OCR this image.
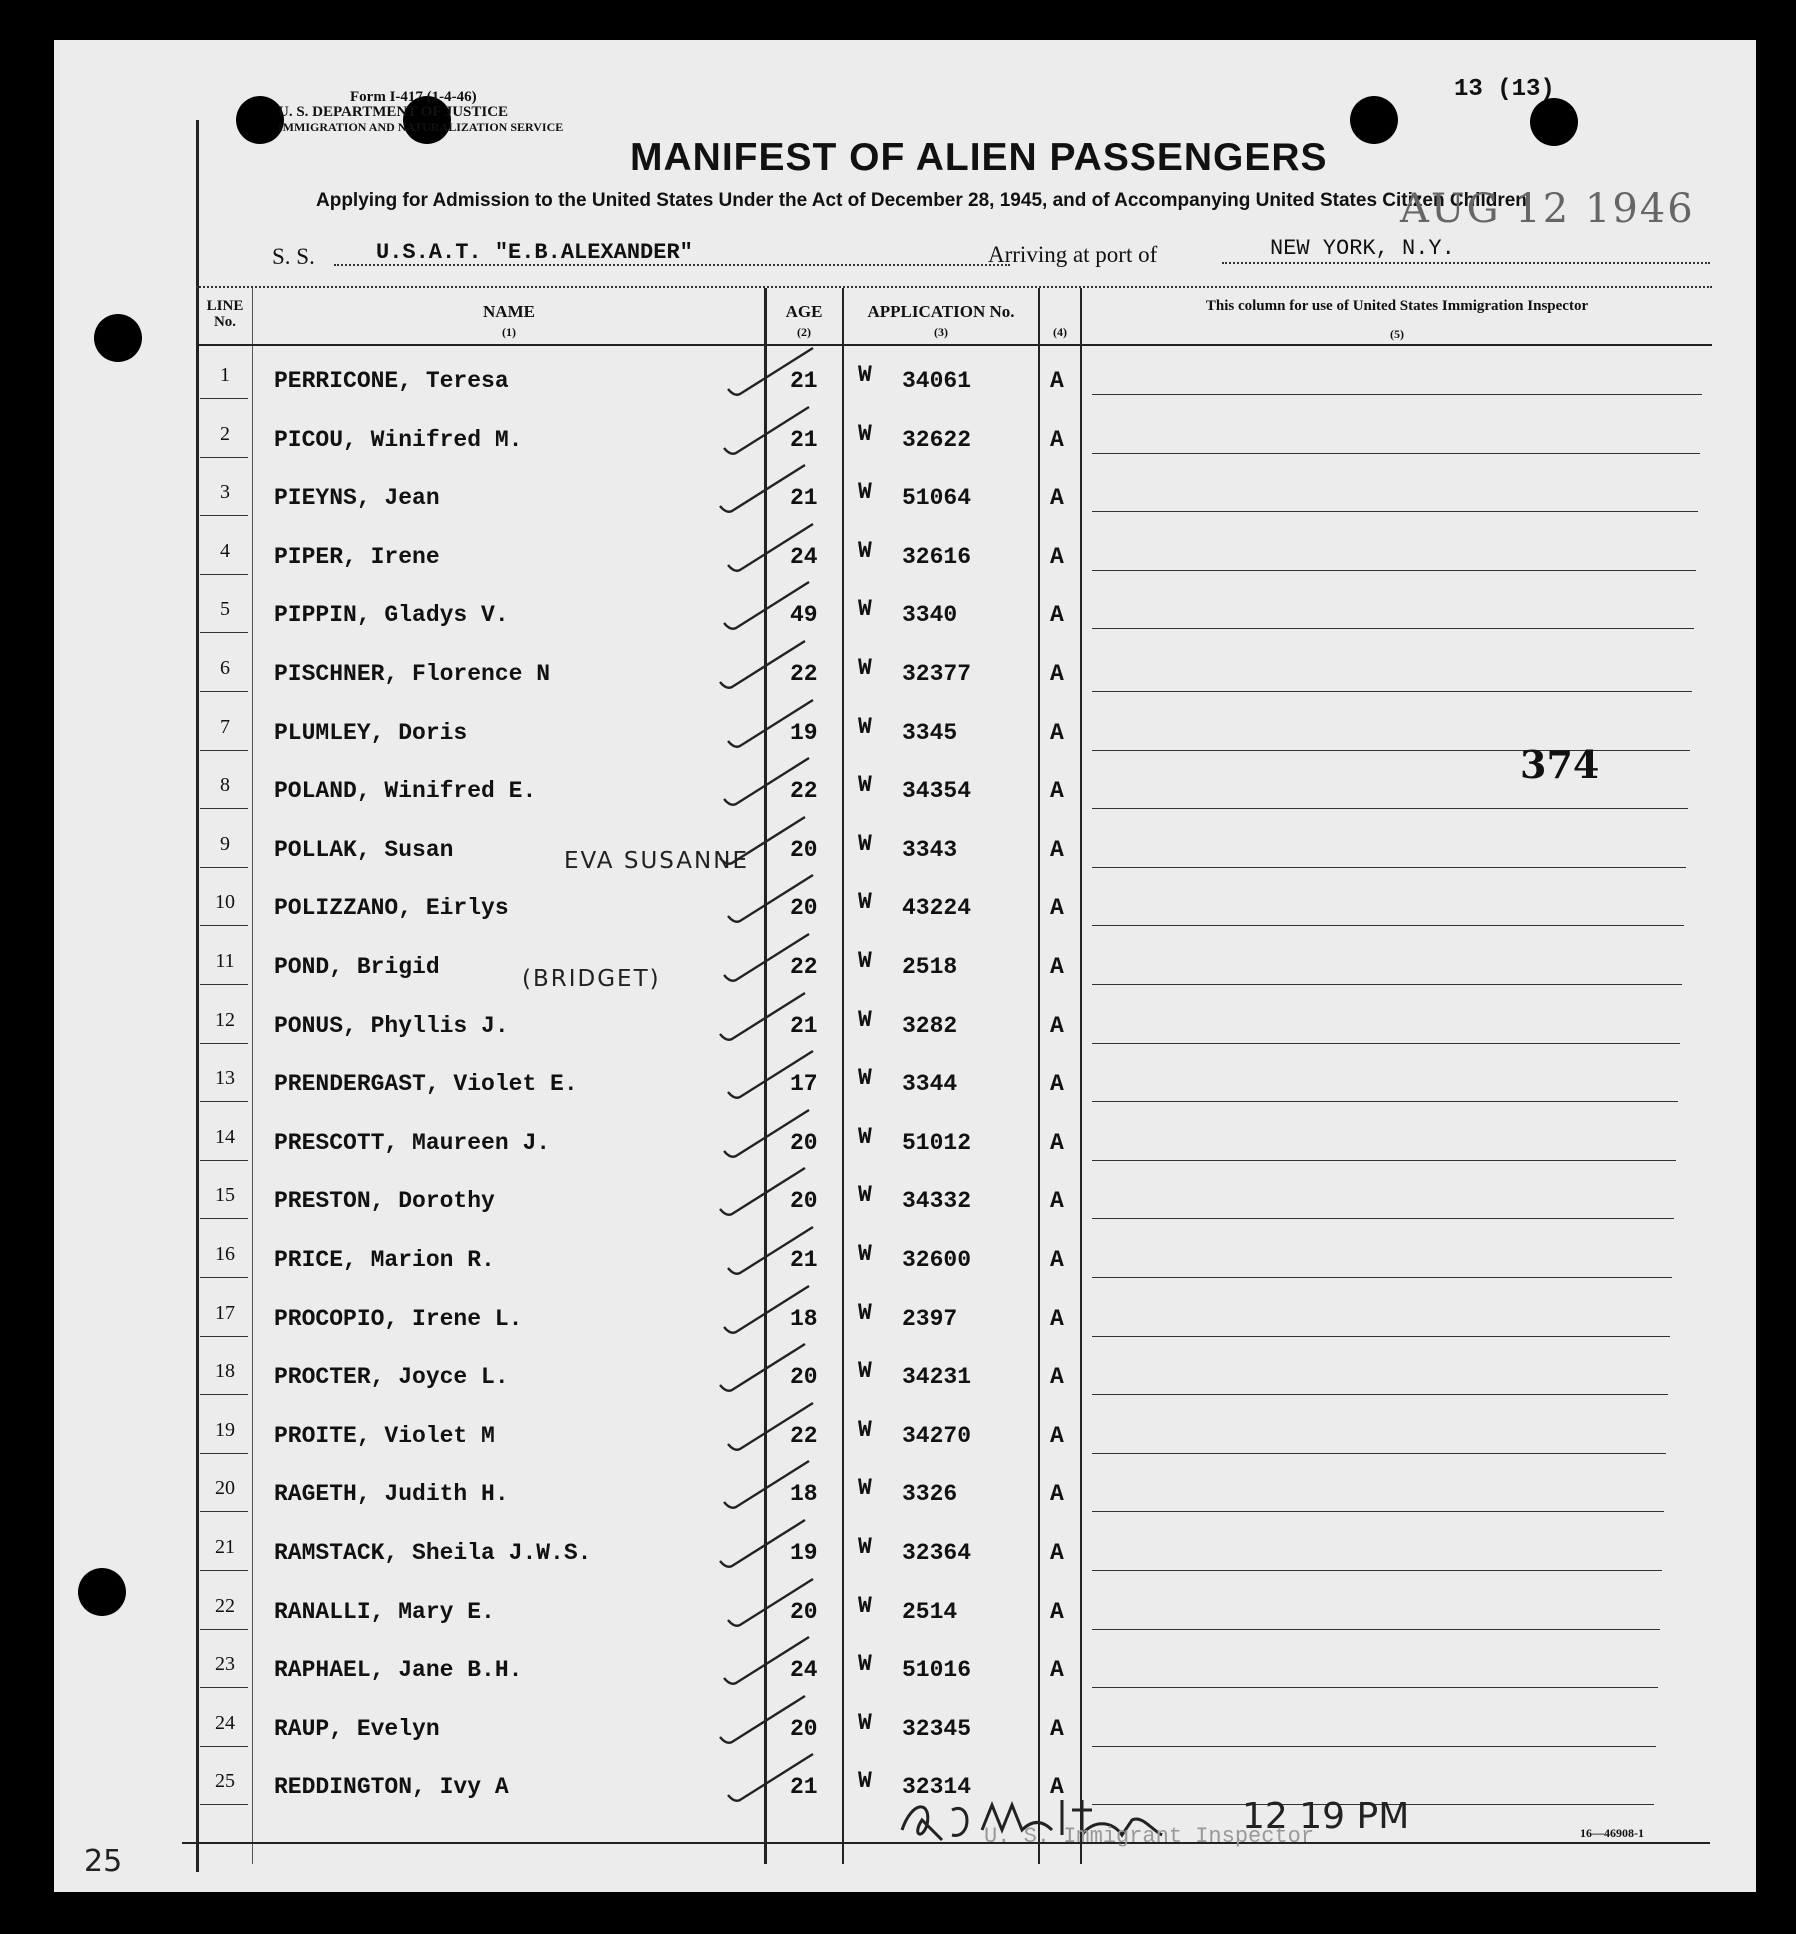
Form I-417 (1-4-46)
U. S. DEPARTMENT OF JUSTICE
IMMIGRATION AND NATURALIZATION SERVICE
13 (13)
MANIFEST OF ALIEN PASSENGERS
Applying for Admission to the United States Under the Act of December 28, 1945, and of Accompanying United States Citizen Children
S. S.	U.S.A.T. "E.B.ALEXANDER"	Arriving at port of	NEW YORK, N.Y.
AUG 12 1946
LINE No.
NAME
(1)
AGE
(2)
APPLICATION No.
(3)	(4)
This column for use of United States Immigration Inspector
(5)
1	PERRICONE, Teresa	21 W 34061	A
2	PICOU, Winifred M.	21 W 32622	A
3	PIEYNS, Jean	21 W 51064	A
4	PIPER, Irene	24 W 32616	A
5	PIPPIN, Gladys V.	49 W 3340	A
6	PISCHNER, Florence N	22 W 32377	A
7	PLUMLEY, Doris	19 W 3345	A
8	POLAND, Winifred E.	22 W 34354	A
9	POLLAK, Susan	20 W 3343	A
10	POLIZZANO, Eirlys	20 W 43224	A
11	POND, Brigid	22 W 2518	A
12	PONUS, Phyllis J.	21 W 3282	A
13	PRENDERGAST, Violet E.	17 W 3344	A
14	PRESCOTT, Maureen J.	20 W 51012	A
15	PRESTON, Dorothy	20 W 34332	A
16	PRICE, Marion R.	21 W 32600	A
17	PROCOPIO, Irene L.	18 W 2397	A
18	PROCTER, Joyce L.	20 W 34231	A
19	PROITE, Violet M	22 W 34270	A
20	RAGETH, Judith H.	18 W 3326	A
21	RAMSTACK, Sheila J.W.S.	19 W 32364	A
22	RANALLI, Mary E.	20 W 2514	A
23	RAPHAEL, Jane B.H.	24 W 51016	A
24	RAUP, Evelyn	20 W 32345	A
25	REDDINGTON, Ivy A	21 W 32314	A
EVA SUSANNE
(BRIDGET)
374
12 19 PM
U. S. Immigrant Inspector	16—46908-1
25
